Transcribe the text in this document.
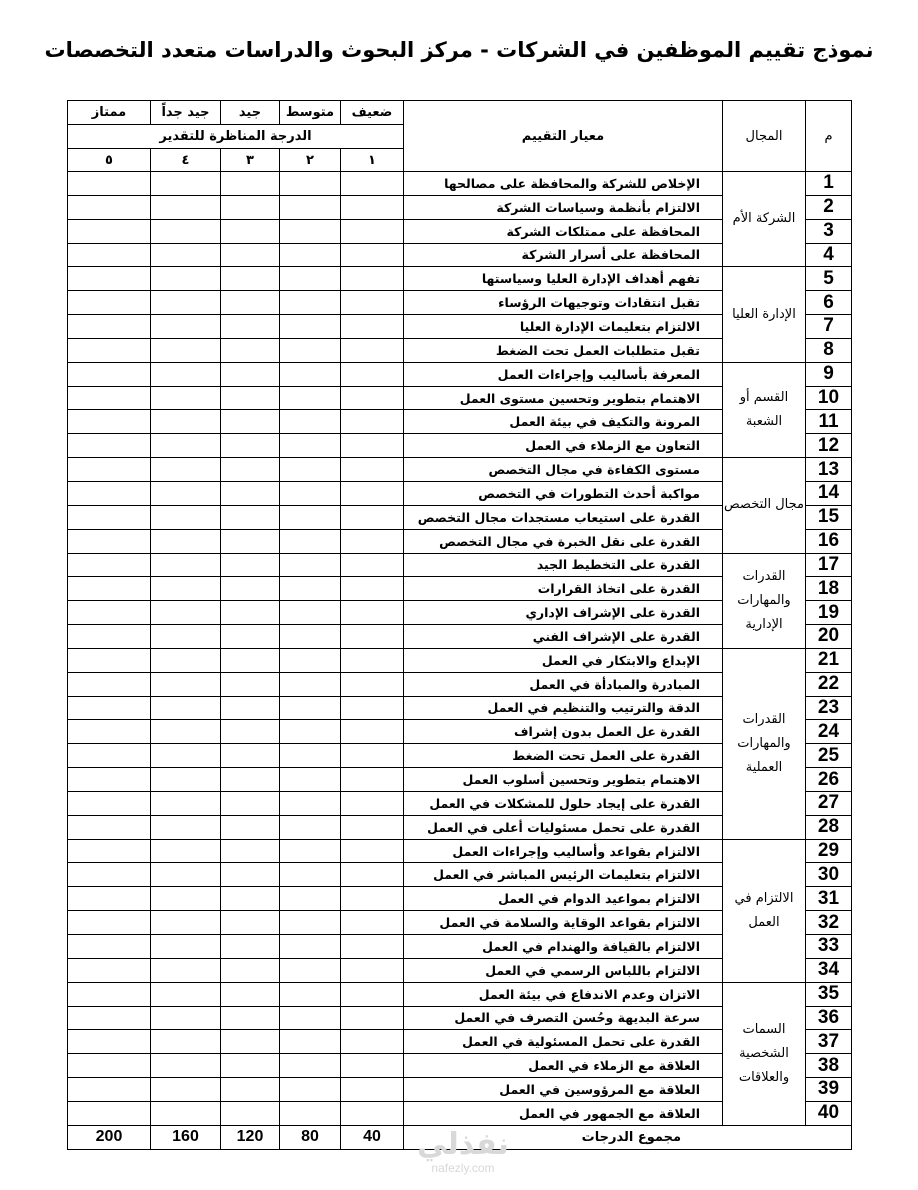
نموذج تقييم الموظفين في الشركات - مركز البحوث والدراسات متعدد التخصصات
ممتاز	جيد جداً	جيد	متوسط	ضعيف	معيار التقييم	المجال	م
الدرجة المناظرة للتقدير							
٥	٤	٣	٢	١			
					الإخلاص للشركة والمحافظة على مصالحها	الشركة الأم	1
					الالتزام بأنظمة وسياسات الشركة		2
					المحافظة على ممتلكات الشركة		3
					المحافظة على أسرار الشركة		4
					تفهم أهداف الإدارة العليا وسياستها	الإدارة العليا	5
					تقبل انتقادات وتوجيهات الرؤساء		6
					الالتزام بتعليمات الإدارة العليا		7
					تقبل متطلبات العمل تحت الضغط		8
					المعرفة بأساليب وإجراءات العمل	القسم أو الشعبة	9
					الاهتمام بتطوير وتحسين مستوى العمل		10
					المرونة والتكيف في بيئة العمل		11
					التعاون مع الزملاء في العمل		12
					مستوى الكفاءة في مجال التخصص	مجال التخصص	13
					مواكبة أحدث التطورات في التخصص		14
					القدرة على استيعاب مستجدات مجال التخصص		15
					القدرة على نقل الخبرة في مجال التخصص		16
					القدرة على التخطيط الجيد	القدرات والمهارات الإدارية	17
					القدرة على اتخاذ القرارات		18
					القدرة على الإشراف الإداري		19
					القدرة على الإشراف الفني		20
					الإبداع والابتكار في العمل	القدرات والمهارات العملية	21
					المبادرة والمبادأة في العمل		22
					الدقة والترتيب والتنظيم في العمل		23
					القدرة عل العمل بدون إشراف		24
					القدرة على العمل تحت الضغط		25
					الاهتمام بتطوير وتحسين أسلوب العمل		26
					القدرة على إيجاد حلول للمشكلات في العمل		27
					القدرة على تحمل مسئوليات أعلى في العمل		28
					الالتزام بقواعد وأساليب وإجراءات العمل	الالتزام في العمل	29
					الالتزام بتعليمات الرئيس المباشر في العمل		30
					الالتزام بمواعيد الدوام في العمل		31
					الالتزام بقواعد الوقاية والسلامة في العمل		32
					الالتزام بالقيافة والهندام في العمل		33
					الالتزام باللباس الرسمي في العمل		34
					الاتزان وعدم الاندفاع في بيئة العمل	السمات الشخصية والعلاقات	35
					سرعة البديهة وحُسن التصرف في العمل		36
					القدرة على تحمل المسئولية في العمل		37
					العلاقة مع الزملاء في العمل		38
					العلاقة مع المرؤوسين في العمل		39
					العلاقة مع الجمهور في العمل		40
200	160	120	80	40	مجموع الدرجات		
نفذلي
nafezly.com
